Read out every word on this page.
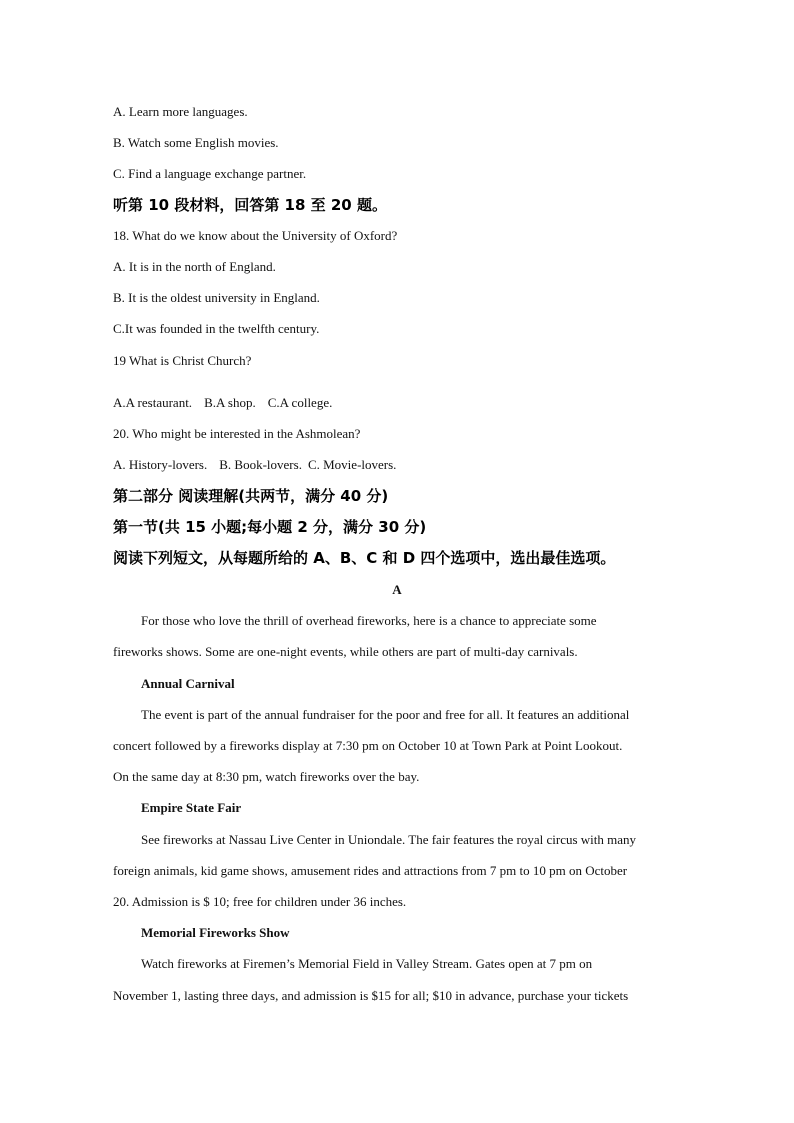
A. Learn more languages.
B. Watch some English movies.
C. Find a language exchange partner.
听第 10 段材料，回答第 18 至 20 题。
18. What do we know about the University of Oxford?
A. It is in the north of England.
B. It is the oldest university in England.
C.It was founded in the twelfth century.
19 What is Christ Church?
A.A restaurant. B.A shop. C.A college.
20. Who might be interested in the Ashmolean?
A. History-lovers. B. Book-lovers. C. Movie-lovers.
第二部分 阅读理解(共两节，满分 40 分)
第一节(共 15 小题;每小题 2 分，满分 30 分)
阅读下列短文，从每题所给的 A、B、C 和 D 四个选项中，选出最佳选项。
A
For those who love the thrill of overhead fireworks, here is a chance to appreciate some
fireworks shows. Some are one-night events, while others are part of multi-day carnivals.
Annual Carnival
The event is part of the annual fundraiser for the poor and free for all. It features an additional
concert followed by a fireworks display at 7:30 pm on October 10 at Town Park at Point Lookout.
On the same day at 8:30 pm, watch fireworks over the bay.
Empire State Fair
See fireworks at Nassau Live Center in Uniondale. The fair features the royal circus with many
foreign animals, kid game shows, amusement rides and attractions from 7 pm to 10 pm on October
20. Admission is $ 10; free for children under 36 inches.
Memorial Fireworks Show
Watch fireworks at Firemen’s Memorial Field in Valley Stream. Gates open at 7 pm on
November 1, lasting three days, and admission is $15 for all; $10 in advance, purchase your tickets
